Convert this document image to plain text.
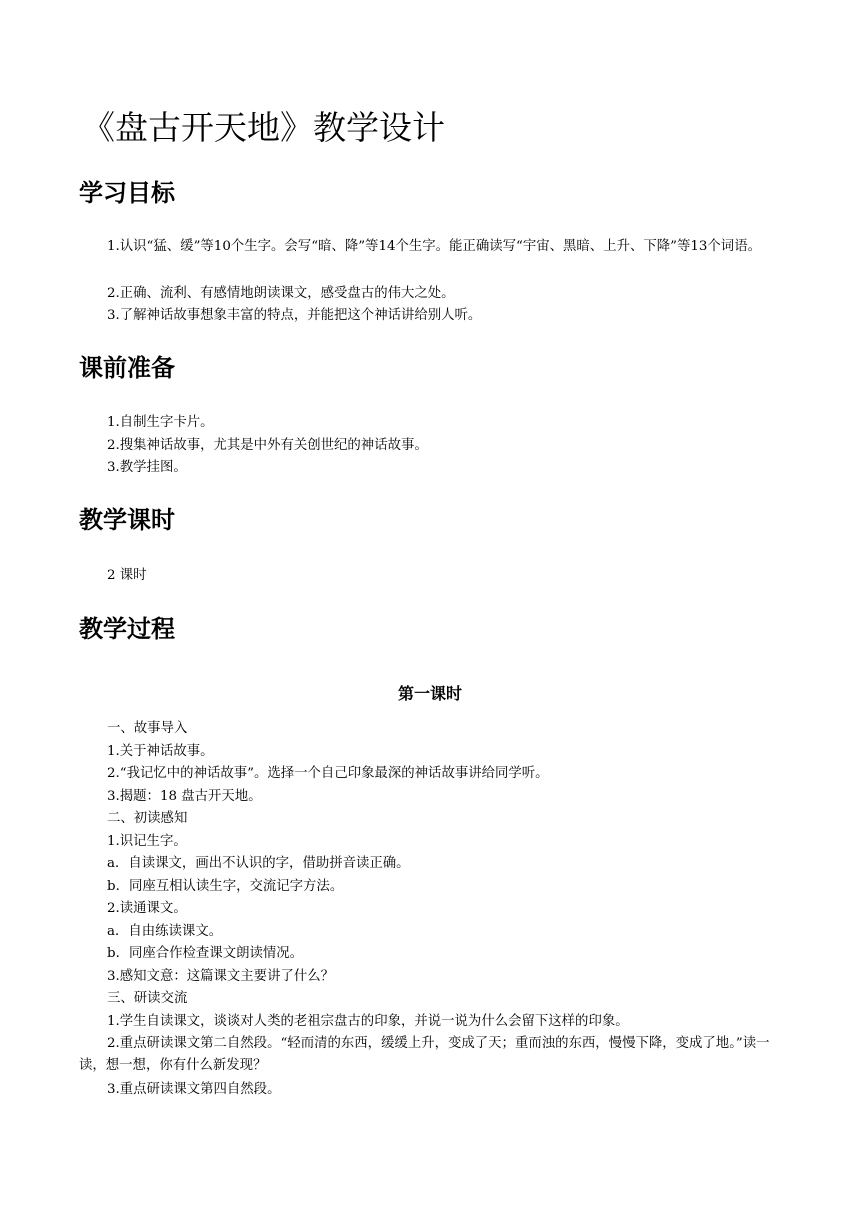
《盘古开天地》教学设计
学习目标

1.认识“猛、缓”等10个生字。会写“暗、降”等14个生字。能正确读写“宇宙、黑暗、上升、下降”等13个词语。

2.正确、流利、有感情地朗读课文，感受盘古的伟大之处。

3.了解神话故事想象丰富的特点，并能把这个神话讲给别人听。

课前准备

1.自制生字卡片。

2.搜集神话故事，尤其是中外有关创世纪的神话故事。

3.教学挂图。

教学课时

2 课时

教学过程

第一课时

一、故事导入

1.关于神话故事。

2.“我记忆中的神话故事”。选择一个自己印象最深的神话故事讲给同学听。

3.揭题：18 盘古开天地。

二、初读感知

1.识记生字。

a．自读课文，画出不认识的字，借助拼音读正确。

b．同座互相认读生字，交流记字方法。

2.读通课文。

a．自由练读课文。

b．同座合作检查课文朗读情况。

3.感知文意：这篇课文主要讲了什么？

三、研读交流

1.学生自读课文，谈谈对人类的老祖宗盘古的印象，并说一说为什么会留下这样的印象。

2.重点研读课文第二自然段。“轻而清的东西，缓缓上升，变成了天；重而浊的东西，慢慢下降，变成了地。”读一读，想一想，你有什么新发现？

3.重点研读课文第四自然段。
